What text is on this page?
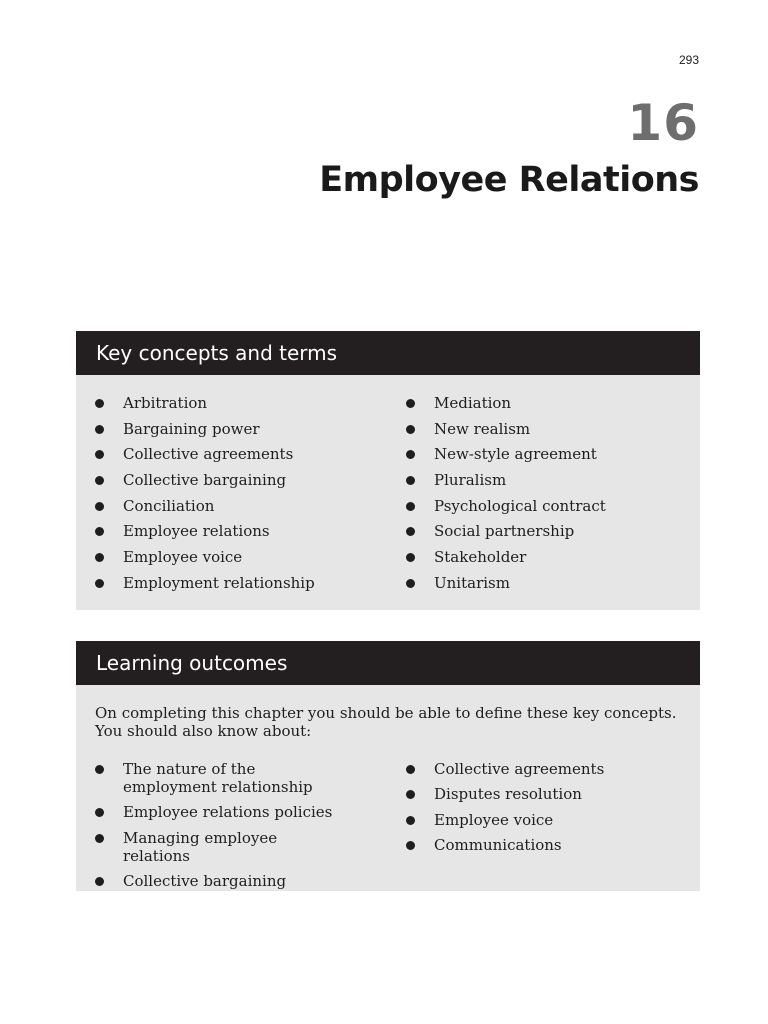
293
16
Employee Relations
Key concepts and terms
Arbitration
Bargaining power
Collective agreements
Collective bargaining
Conciliation
Employee relations
Employee voice
Employment relationship
Mediation
New realism
New-style agreement
Pluralism
Psychological contract
Social partnership
Stakeholder
Unitarism
Learning outcomes
On completing this chapter you should be able to define these key concepts. You should also know about:
The nature of the employment relationship
Employee relations policies
Managing employee relations
Collective bargaining
Collective agreements
Disputes resolution
Employee voice
Communications
